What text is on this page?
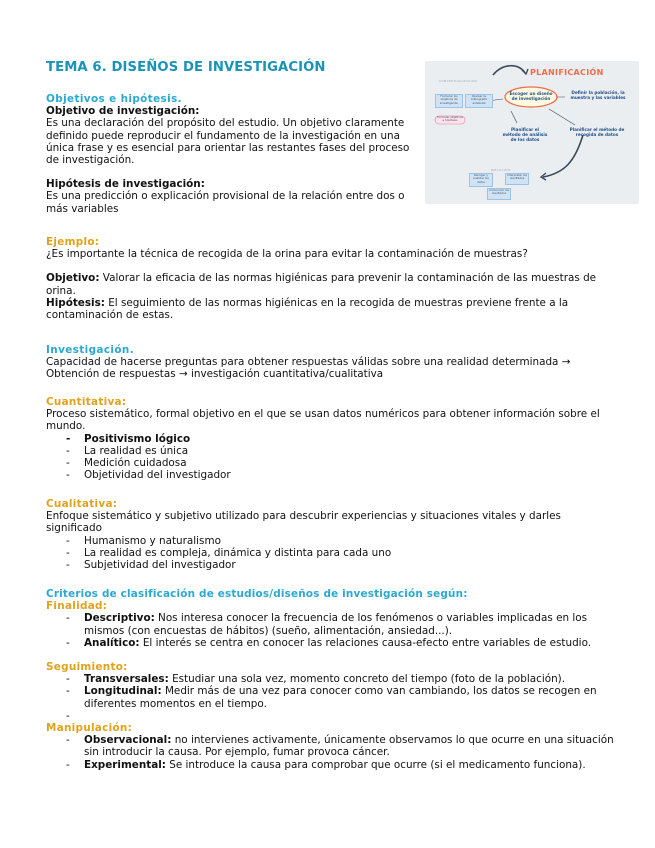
TEMA 6. DISEÑOS DE INVESTIGACIÓN	PLANIFICACIÓN
CONCEPTUALIZACIÓN
EJECUCIÓN
Escoger un diseño de investigación
Definir la población, la muestra y las variables
Planificar el método de análisis de los datos
Planificar el método de recogida de datos
Formular los objetivos de investigación
Revisar la bibliografía existente
Formular objetivos e hipótesis
Recoger y analizar los datos
Interpretar los resultados
Comunicar los resultados

Objetivos e hipótesis.

Objetivo de investigación:

Es una declaración del propósito del estudio. Un objetivo claramente definido puede reproducir el fundamento de la investigación en una única frase y es esencial para orientar las restantes fases del proceso de investigación.

Hipótesis de investigación:

Es una predicción o explicación provisional de la relación entre dos o más variables

Ejemplo:

¿Es importante la técnica de recogida de la orina para evitar la contaminación de muestras?

Objetivo: Valorar la eficacia de las normas higiénicas para prevenir la contaminación de las muestras de orina.

Hipótesis: El seguimiento de las normas higiénicas en la recogida de muestras previene frente a la contaminación de estas.

Investigación.

Capacidad de hacerse preguntas para obtener respuestas válidas sobre una realidad determinada → Obtención de respuestas → investigación cuantitativa/cualitativa

Cuantitativa:

Proceso sistemático, formal objetivo en el que se usan datos numéricos para obtener información sobre el mundo.

- Positivismo lógico
- La realidad es única
- Medición cuidadosa
- Objetividad del investigador

Cualitativa:

Enfoque sistemático y subjetivo utilizado para descubrir experiencias y situaciones vitales y darles significado

- Humanismo y naturalismo
- La realidad es compleja, dinámica y distinta para cada uno
- Subjetividad del investigador

Criterios de clasificación de estudios/diseños de investigación según:

Finalidad:

- Descriptivo: Nos interesa conocer la frecuencia de los fenómenos o variables implicadas en los mismos (con encuestas de hábitos) (sueño, alimentación, ansiedad...).
- Analítico: El interés se centra en conocer las relaciones causa-efecto entre variables de estudio.

Seguimiento:

- Transversales: Estudiar una sola vez, momento concreto del tiempo (foto de la población).
- Longitudinal: Medir más de una vez para conocer como van cambiando, los datos se recogen en diferentes momentos en el tiempo.
-

Manipulación:

- Observacional: no intervienes activamente, únicamente observamos lo que ocurre en una situación sin introducir la causa. Por ejemplo, fumar provoca cáncer.
- Experimental: Se introduce la causa para comprobar que ocurre (si el medicamento funciona).
